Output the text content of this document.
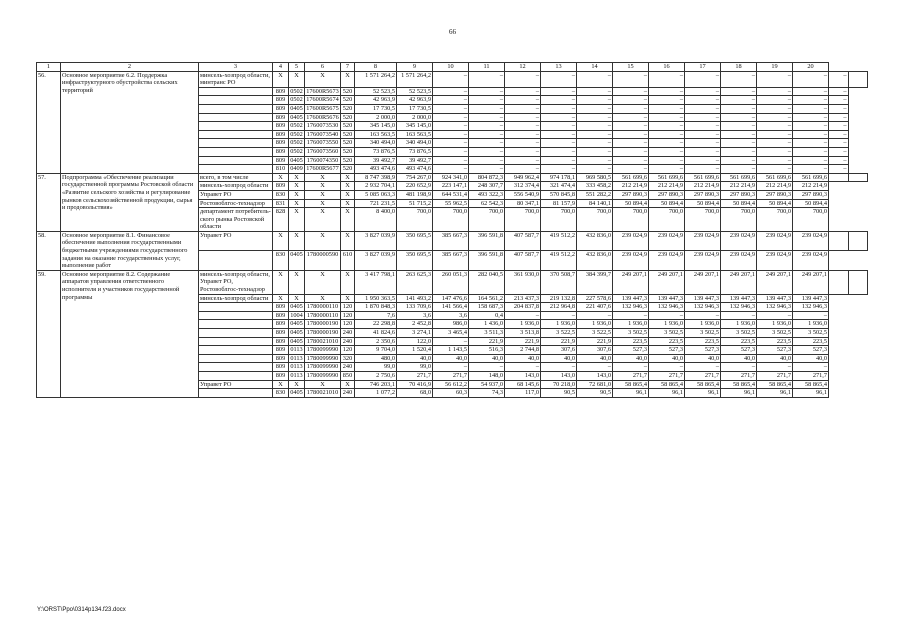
66
1	2	3	4	5	6	7	8	9	10	11	12	13	14	15	16	17	18	19	20		
56.	Основное мероприятие 6.2. Поддержка инфраструктурного обустройства сельских территорий	минсель-хозпрод области, минтранс РО	Х	Х	Х	Х	1 571 264,2	1 571 264,2	–	–	–	–	–	–	–	–	–	–	–	–	
			809	0502	17600R5673	520	52 523,5	52 523,5	–	–	–	–	–	–	–	–	–	–	–	–	
			809	0502	17600R5674	520	42 963,9	42 963,9	–	–	–	–	–	–	–	–	–	–	–	–	
			809	0405	17600R5675	520	17 730,5	17 730,5	–	–	–	–	–	–	–	–	–	–	–	–	
			809	0405	17600R5676	520	2 000,0	2 000,0	–	–	–	–	–	–	–	–	–	–	–	–	
			809	0502	1760073530	520	345 145,0	345 145,0	–	–	–	–	–	–	–	–	–	–	–	–	
			809	0502	1760073540	520	163 563,5	163 563,5	–	–	–	–	–	–	–	–	–	–	–	–	
			809	0502	1760073550	520	340 494,0	340 494,0	–	–	–	–	–	–	–	–	–	–	–	–	
			809	0502	1760073560	520	73 876,5	73 876,5	–	–	–	–	–	–	–	–	–	–	–	–	
			809	0405	1760074350	520	39 492,7	39 492,7	–	–	–	–	–	–	–	–	–	–	–	–	
			810	0409	17600R5677	520	493 474,6	493 474,6	–	–	–	–	–	–	–	–	–	–	–	–	
57.	Подпрограмма «Обеспечение реализации государственной программы Ростовской области «Развитие сельского хозяйства и регулирование рынков сельскохозяйственной продукции, сырья и продовольствия»	всего, в том числе	Х	Х	Х	Х	8 747 398,9	754 267,0	924 341,0	804 872,3	949 962,4	974 178,1	969 580,5	561 699,6	561 699,6	561 699,6	561 699,6	561 699,6	561 699,6		
		минсель-хозпрод области	809	Х	Х	Х	2 932 704,1	220 652,9	223 147,1	248 307,7	312 374,4	321 474,4	333 458,2	212 214,9	212 214,9	212 214,9	212 214,9	212 214,9	212 214,9		
		Управет РО	830	Х	Х	Х	5 085 063,3	481 198,9	644 531,4	493 322,3	556 540,9	570 845,8	551 282,2	297 890,3	297 890,3	297 890,3	297 890,3	297 890,3	297 890,3		
		Ростовоблгос-технадзор	831	Х	Х	Х	721 231,5	51 715,2	55 962,5	62 542,3	80 347,1	81 157,9	84 140,1	50 894,4	50 894,4	50 894,4	50 894,4	50 894,4	50 894,4		
		департамент потребитель-ского рынка Ростовской области	828	Х	Х	Х	8 400,0	700,0	700,0	700,0	700,0	700,0	700,0	700,0	700,0	700,0	700,0	700,0	700,0		
58.	Основное мероприятие 8.1. Финансовое обеспечение выполнения государственными бюджетными учреждениями государственного задания на оказание государственных услуг, выполнение работ	Управет РО	Х	Х	Х	Х	3 827 039,9	350 695,5	385 667,3	396 591,8	407 587,7	419 512,2	432 836,0	239 024,9	239 024,9	239 024,9	239 024,9	239 024,9	239 024,9		
			830	0405	1780000590	610	3 827 039,9	350 695,5	385 667,3	396 591,8	407 587,7	419 512,2	432 836,0	239 024,9	239 024,9	239 024,9	239 024,9	239 024,9	239 024,9		
59.	Основное мероприятие 8.2. Содержание аппаратов управления ответственного исполнителя и участников государственной программы	минсель-хозпрод области, Управет РО, Ростовоблгос-технадзор	Х	Х	Х	Х	3 417 798,1	263 625,3	260 051,3	282 040,5	361 930,0	370 508,7	384 399,7	249 207,1	249 207,1	249 207,1	249 207,1	249 207,1	249 207,1		
		минсель-хозпрод области	Х	Х	Х	Х	1 950 363,5	141 493,2	147 476,6	164 561,2	213 437,3	219 132,8	227 578,6	139 447,3	139 447,3	139 447,3	139 447,3	139 447,3	139 447,3		
			809	0405	1780000110	120	1 870 848,3	133 709,6	141 566,4	158 687,3	204 837,8	212 964,8	221 407,6	132 946,3	132 946,3	132 946,3	132 946,3	132 946,3	132 946,3		
			809	1004	1780000110	120	7,6	3,6	3,6	0,4	–	–	–	–	–	–	–	–	–		
			809	0405	1780000190	120	22 298,8	2 452,8	986,0	1 436,0	1 936,0	1 936,0	1 936,0	1 936,0	1 936,0	1 936,0	1 936,0	1 936,0	1 936,0		
			809	0405	1780000190	240	41 824,6	3 274,1	3 465,4	3 511,3	3 513,8	3 522,5	3 522,5	3 502,5	3 502,5	3 502,5	3 502,5	3 502,5	3 502,5		
			809	0405	1780021010	240	2 350,6	122,0	–	221,9	221,9	221,9	221,9	223,5	223,5	223,5	223,5	223,5	223,5		
			809	0113	1780099990	120	9 704,0	1 520,4	1 143,5	516,3	2 744,8	307,6	307,6	527,3	527,3	527,3	527,3	527,3	527,3		
			809	0113	1780099990	320	480,0	40,0	40,0	40,0	40,0	40,0	40,0	40,0	40,0	40,0	40,0	40,0	40,0		
			809	0113	1780099990	240	99,0	99,0	–	–	–	–	–	–	–	–	–	–	–		
			809	0113	1780099990	850	2 750,6	271,7	271,7	148,0	143,0	143,0	143,0	271,7	271,7	271,7	271,7	271,7	271,7		
		Управет РО	Х	Х	Х	Х	746 203,1	70 416,9	56 612,2	54 937,0	68 145,6	70 218,0	72 681,0	58 865,4	58 865,4	58 865,4	58 865,4	58 865,4	58 865,4		
			830	0405	1780021010	240	1 077,2	68,0	60,3	74,3	117,0	90,5	90,5	96,1	96,1	96,1	96,1	96,1	96,1		
Y:\ORST\Ppo\0314p134.f23.docx
